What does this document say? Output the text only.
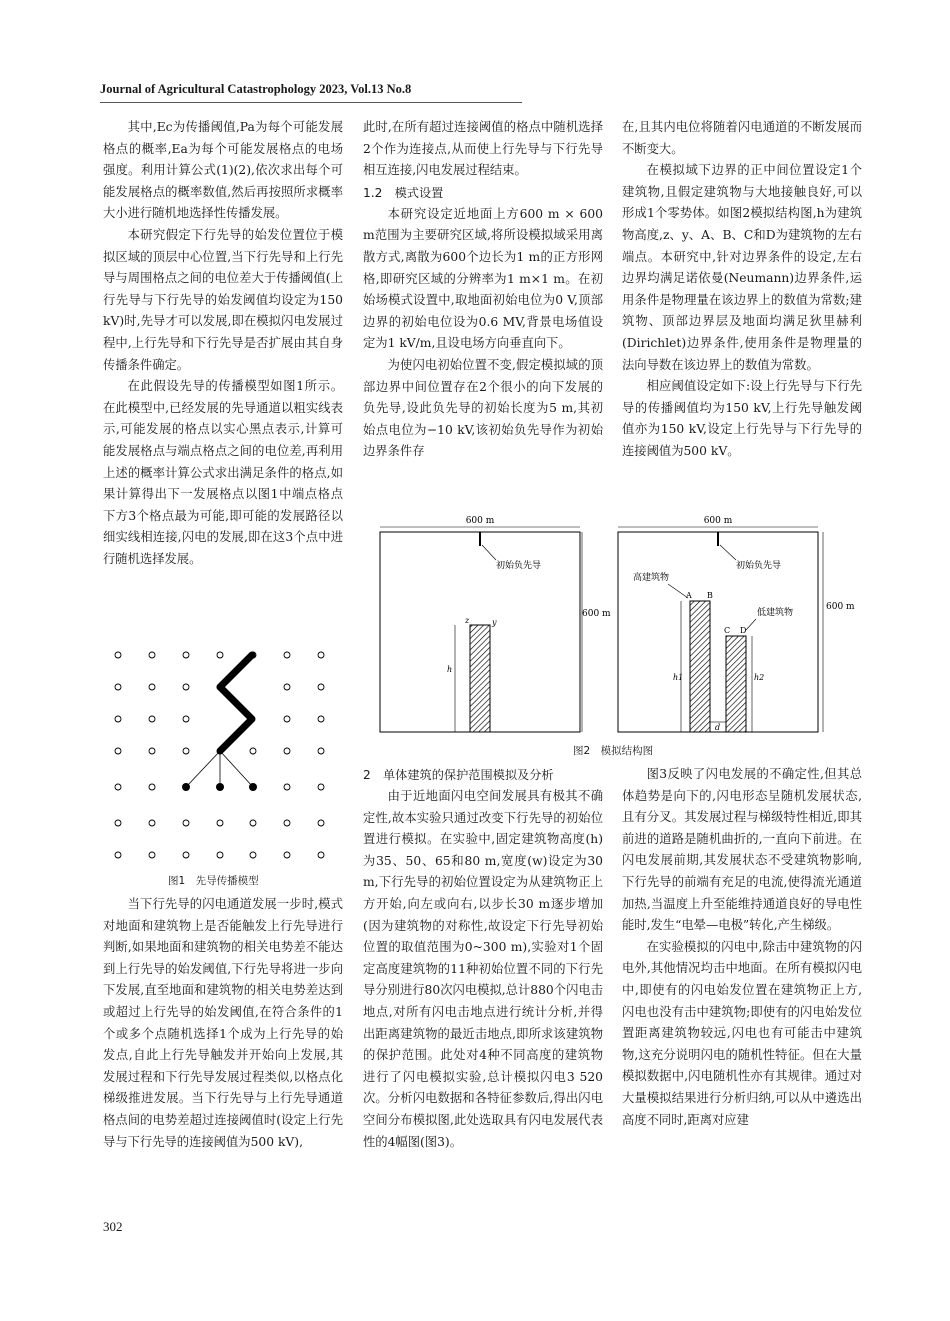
Journal of Agricultural Catastrophology 2023, Vol.13 No.8

其中,Ec为传播阈值,Pa为每个可能发展格点的概率,Ea为每个可能发展格点的电场强度。利用计算公式(1)(2),依次求出每个可能发展格点的概率数值,然后再按照所求概率大小进行随机地选择性传播发展。

本研究假定下行先导的始发位置位于模拟区域的顶层中心位置,当下行先导和上行先导与周围格点之间的电位差大于传播阈值(上行先导与下行先导的始发阈值均设定为150 kV)时,先导才可以发展,即在模拟闪电发展过程中,上行先导和下行先导是否扩展由其自身传播条件确定。

在此假设先导的传播模型如图1所示。在此模型中,已经发展的先导通道以粗实线表示,可能发展的格点以实心黑点表示,计算可能发展格点与端点格点之间的电位差,再利用上述的概率计算公式求出满足条件的格点,如果计算得出下一发展格点以图1中端点格点下方3个格点最为可能,即可能的发展路径以细实线相连接,闪电的发展,即在这3个点中进行随机选择发展。

图1　先导传播模型

当下行先导的闪电通道发展一步时,模式对地面和建筑物上是否能触发上行先导进行判断,如果地面和建筑物的相关电势差不能达到上行先导的始发阈值,下行先导将进一步向下发展,直至地面和建筑物的相关电势差达到或超过上行先导的始发阈值,在符合条件的1个或多个点随机选择1个成为上行先导的始发点,自此上行先导触发并开始向上发展,其发展过程和下行先导发展过程类似,以格点化梯级推进发展。当下行先导与上行先导通道格点间的电势差超过连接阈值时(设定上行先导与下行先导的连接阈值为500 kV),

此时,在所有超过连接阈值的格点中随机选择2个作为连接点,从而使上行先导与下行先导相互连接,闪电发展过程结束。

1.2　模式设置

本研究设定近地面上方600 m × 600 m范围为主要研究区域,将所设模拟域采用离散方式,离散为600个边长为1 m的正方形网格,即研究区域的分辨率为1 m×1 m。在初始场模式设置中,取地面初始电位为0 V,顶部边界的初始电位设为0.6 MV,背景电场值设定为1 kV/m,且设电场方向垂直向下。

为使闪电初始位置不变,假定模拟域的顶部边界中间位置存在2个很小的向下发展的负先导,设此负先导的初始长度为5 m,其初始点电位为−10 kV,该初始负先导作为初始边界条件存

在,且其内电位将随着闪电通道的不断发展而不断变大。

在模拟域下边界的正中间位置设定1个建筑物,且假定建筑物与大地接触良好,可以形成1个零势体。如图2模拟结构图,h为建筑物高度,z、y、A、B、C和D为建筑物的左右端点。本研究中,针对边界条件的设定,左右边界均满足诺依曼(Neumann)边界条件,运用条件是物理量在该边界上的数值为常数;建筑物、顶部边界层及地面均满足狄里赫利(Dirichlet)边界条件,使用条件是物理量的法向导数在该边界上的数值为常数。

相应阈值设定如下:设上行先导与下行先导的传播阈值均为150 kV,上行先导触发阈值亦为150 kV,设定上行先导与下行先导的连接阈值为500 kV。

600 m
600 m
初始负先导
z	y
h
600 m
600 m
初始负先导
高建筑物
低建筑物
A B
C D
h1	h2
d
图2　模拟结构图

2　单体建筑的保护范围模拟及分析

由于近地面闪电空间发展具有极其不确定性,故本实验只通过改变下行先导的初始位置进行模拟。在实验中,固定建筑物高度(h)为35、50、65和80 m,宽度(w)设定为30 m,下行先导的初始位置设定为从建筑物正上方开始,向左或向右,以步长30 m逐步增加(因为建筑物的对称性,故设定下行先导初始位置的取值范围为0~300 m),实验对1个固定高度建筑物的11种初始位置不同的下行先导分别进行80次闪电模拟,总计880个闪电击地点,对所有闪电击地点进行统计分析,并得出距离建筑物的最近击地点,即所求该建筑物的保护范围。此处对4种不同高度的建筑物进行了闪电模拟实验,总计模拟闪电3 520次。分析闪电数据和各特征参数后,得出闪电空间分布模拟图,此处选取具有闪电发展代表性的4幅图(图3)。

图3反映了闪电发展的不确定性,但其总体趋势是向下的,闪电形态呈随机发展状态,且有分叉。其发展过程与梯级特性相近,即其前进的道路是随机曲折的,一直向下前进。在闪电发展前期,其发展状态不受建筑物影响,下行先导的前端有充足的电流,使得流光通道加热,当温度上升至能维持通道良好的导电性能时,发生“电晕—电极”转化,产生梯级。

在实验模拟的闪电中,除击中建筑物的闪电外,其他情况均击中地面。在所有模拟闪电中,即使有的闪电始发位置在建筑物正上方,闪电也没有击中建筑物;即使有的闪电始发位置距离建筑物较远,闪电也有可能击中建筑物,这充分说明闪电的随机性特征。但在大量模拟数据中,闪电随机性亦有其规律。通过对大量模拟结果进行分析归纳,可以从中遴选出高度不同时,距离对应建

302
